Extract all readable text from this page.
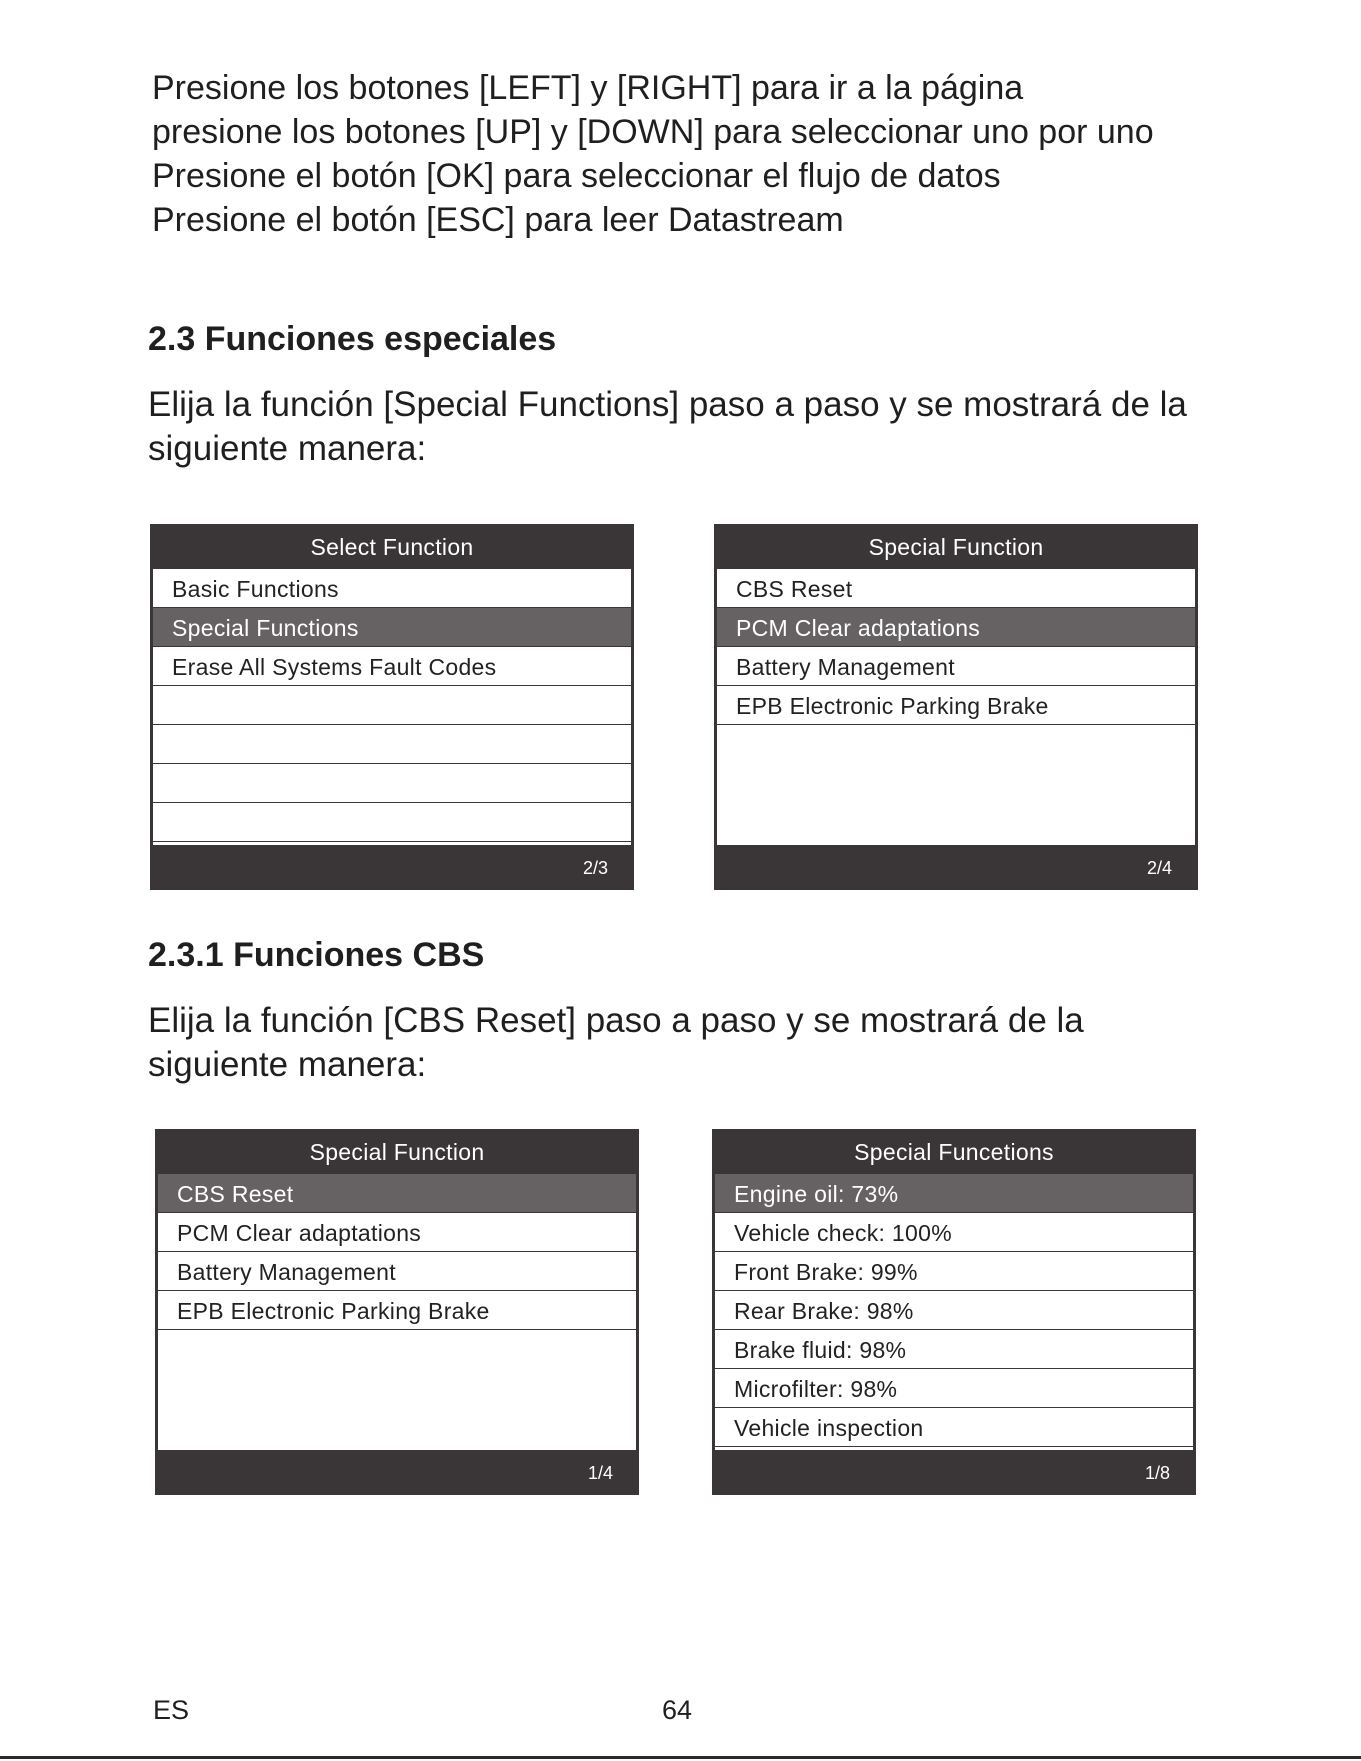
Presione los botones [LEFT] y [RIGHT] para ir a la página
presione los botones [UP] y [DOWN] para seleccionar uno por uno
Presione el botón [OK] para seleccionar el flujo de datos
Presione el botón [ESC] para leer Datastream
2.3 Funciones especiales
Elija la función [Special Functions] paso a paso y se mostrará de la
siguiente manera:
Select Function
Basic Functions
Special Functions
Erase All Systems Fault Codes
2/3
Special Function
CBS Reset
PCM Clear adaptations
Battery Management
EPB Electronic Parking Brake
2/4
2.3.1 Funciones CBS
Elija la función [CBS Reset] paso a paso y se mostrará de la
siguiente manera:
Special Function
CBS Reset
PCM Clear adaptations
Battery Management
EPB Electronic Parking Brake
1/4
Special Funcetions
Engine oil: 73%
Vehicle check: 100%
Front Brake: 99%
Rear Brake: 98%
Brake fluid: 98%
Microfilter: 98%
Vehicle inspection
1/8
ES	64
